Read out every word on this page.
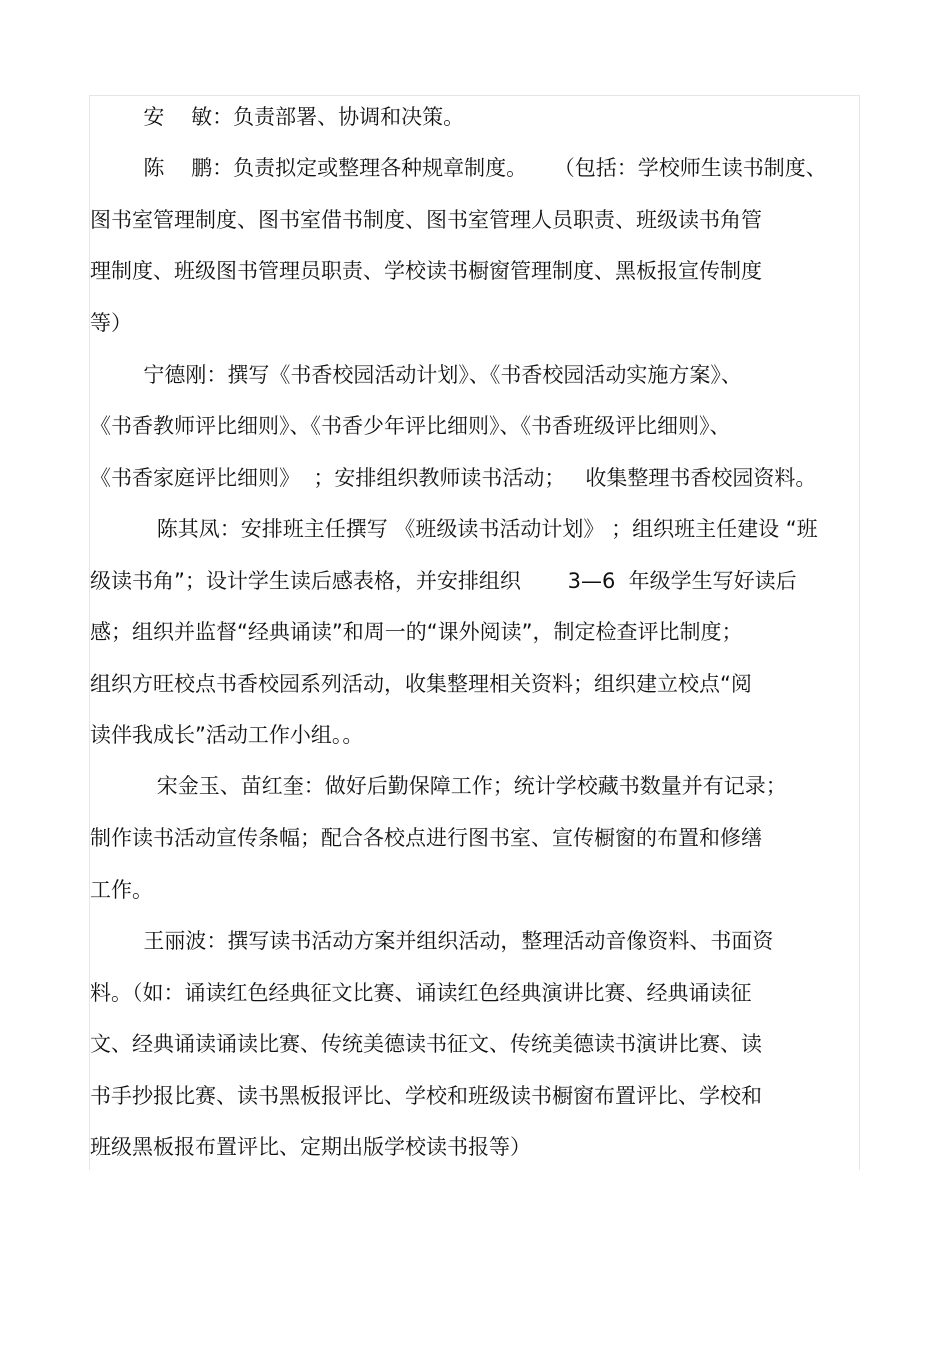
安    敏：负责部署、协调和决策。
陈    鹏：负责拟定或整理各种规章制度。    （包括：学校师生读书制度、
图书室管理制度、图书室借书制度、图书室管理人员职责、班级读书角管
理制度、班级图书管理员职责、学校读书橱窗管理制度、黑板报宣传制度
等）
宁德刚：撰写《书香校园活动计划》、《书香校园活动实施方案》、
《书香教师评比细则》、《书香少年评比细则》、《书香班级评比细则》、
《书香家庭评比细则》  ；安排组织教师读书活动；   收集整理书香校园资料。
陈其凤：安排班主任撰写 《班级读书活动计划》 ；组织班主任建设 “班
级读书角”；设计学生读后感表格，并安排组织       3—6  年级学生写好读后
感；组织并监督“经典诵读”和周一的“课外阅读”，制定检查评比制度；
组织方旺校点书香校园系列活动，收集整理相关资料；组织建立校点“阅
读伴我成长”活动工作小组。。
宋金玉、苗红奎：做好后勤保障工作；统计学校藏书数量并有记录；
制作读书活动宣传条幅；配合各校点进行图书室、宣传橱窗的布置和修缮
工作。
王丽波：撰写读书活动方案并组织活动，整理活动音像资料、书面资
料。（如：诵读红色经典征文比赛、诵读红色经典演讲比赛、经典诵读征
文、经典诵读诵读比赛、传统美德读书征文、传统美德读书演讲比赛、读
书手抄报比赛、读书黑板报评比、学校和班级读书橱窗布置评比、学校和
班级黑板报布置评比、定期出版学校读书报等）
